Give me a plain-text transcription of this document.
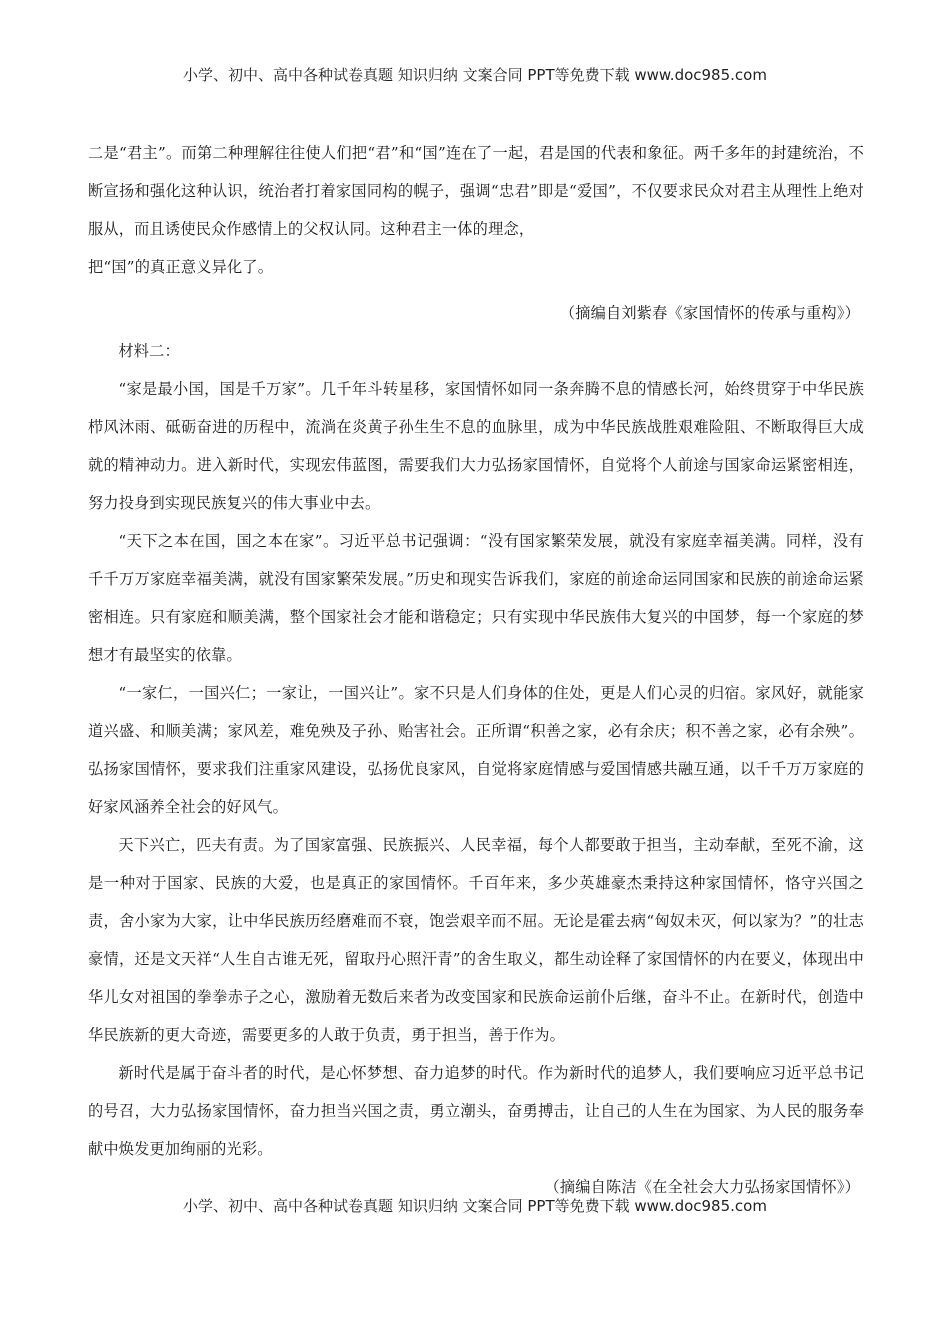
小学、初中、高中各种试卷真题 知识归纳 文案合同 PPT等免费下载 www.doc985.com

二是“君主”。而第二种理解往往使人们把“君”和“国”连在了一起，君是国的代表和象征。两千多年的封建统治，不断宣扬和强化这种认识，统治者打着家国同构的幌子，强调“忠君”即是“爱国”，不仅要求民众对君主从理性上绝对服从，而且诱使民众作感情上的父权认同。这种君主一体的理念，

把“国”的真正意义异化了。

（摘编自刘紫春《家国情怀的传承与重构》）

材料二：

“家是最小国，国是千万家”。几千年斗转星移，家国情怀如同一条奔腾不息的情感长河，始终贯穿于中华民族栉风沐雨、砥砺奋进的历程中，流淌在炎黄子孙生生不息的血脉里，成为中华民族战胜艰难险阻、不断取得巨大成就的精神动力。进入新时代，实现宏伟蓝图，需要我们大力弘扬家国情怀，自觉将个人前途与国家命运紧密相连，努力投身到实现民族复兴的伟大事业中去。

“天下之本在国，国之本在家”。习近平总书记强调：“没有国家繁荣发展，就没有家庭幸福美满。同样，没有千千万万家庭幸福美满，就没有国家繁荣发展。”历史和现实告诉我们，家庭的前途命运同国家和民族的前途命运紧密相连。只有家庭和顺美满，整个国家社会才能和谐稳定；只有实现中华民族伟大复兴的中国梦，每一个家庭的梦想才有最坚实的依靠。

“一家仁，一国兴仁；一家让，一国兴让”。家不只是人们身体的住处，更是人们心灵的归宿。家风好，就能家道兴盛、和顺美满；家风差，难免殃及子孙、贻害社会。正所谓“积善之家，必有余庆；积不善之家，必有余殃”。弘扬家国情怀，要求我们注重家风建设，弘扬优良家风，自觉将家庭情感与爱国情感共融互通，以千千万万家庭的好家风涵养全社会的好风气。

天下兴亡，匹夫有责。为了国家富强、民族振兴、人民幸福，每个人都要敢于担当，主动奉献，至死不渝，这是一种对于国家、民族的大爱，也是真正的家国情怀。千百年来，多少英雄豪杰秉持这种家国情怀，恪守兴国之责，舍小家为大家，让中华民族历经磨难而不衰，饱尝艰辛而不屈。无论是霍去病“匈奴未灭，何以家为？”的壮志豪情，还是文天祥“人生自古谁无死，留取丹心照汗青”的舍生取义，都生动诠释了家国情怀的内在要义，体现出中华儿女对祖国的拳拳赤子之心，激励着无数后来者为改变国家和民族命运前仆后继，奋斗不止。在新时代，创造中华民族新的更大奇迹，需要更多的人敢于负责，勇于担当，善于作为。

新时代是属于奋斗者的时代，是心怀梦想、奋力追梦的时代。作为新时代的追梦人，我们要响应习近平总书记的号召，大力弘扬家国情怀，奋力担当兴国之责，勇立潮头，奋勇搏击，让自己的人生在为国家、为人民的服务奉献中焕发更加绚丽的光彩。

（摘编自陈洁《在全社会大力弘扬家国情怀》）

小学、初中、高中各种试卷真题 知识归纳 文案合同 PPT等免费下载 www.doc985.com
